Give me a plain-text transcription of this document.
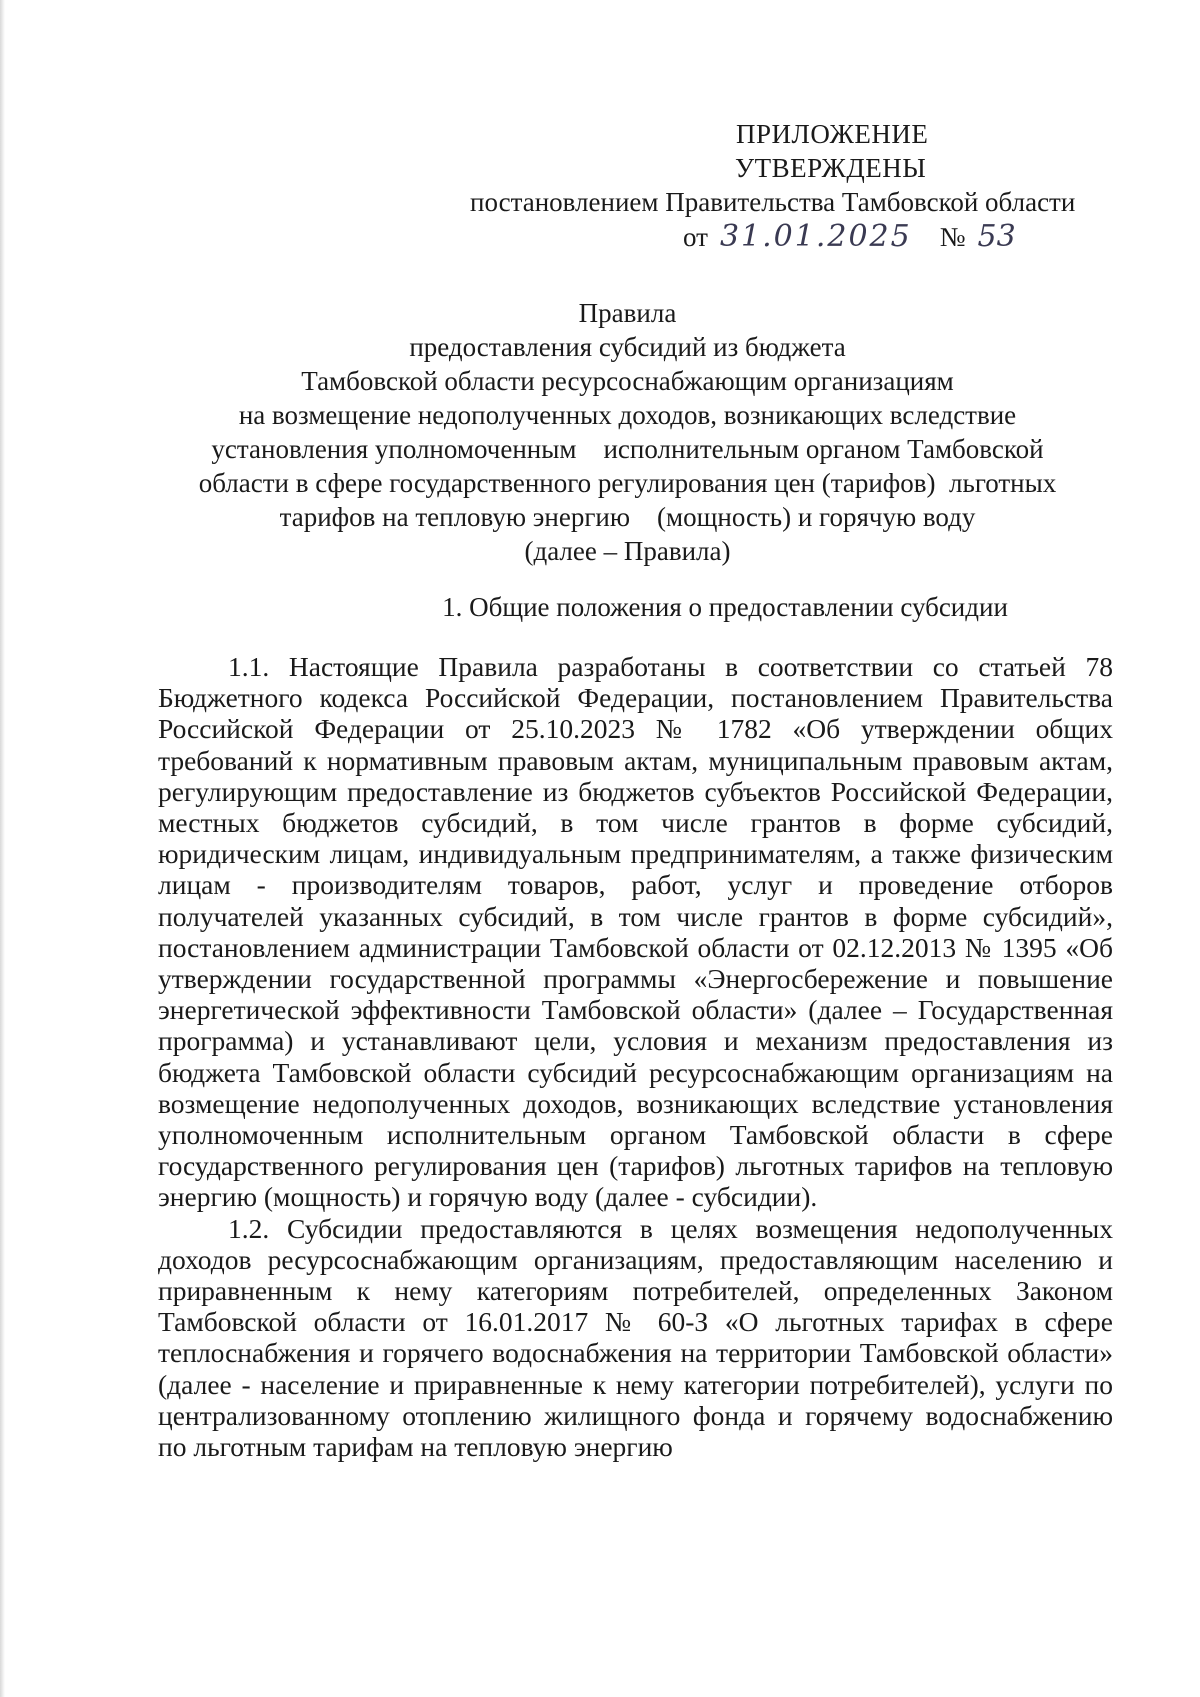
ПРИЛОЖЕНИЕ
УТВЕРЖДЕНЫ
постановлением Правительства Тамбовской области
от 31.01.2025 № 53
Правила
предоставления субсидий из бюджета
Тамбовской области ресурсоснабжающим организациям
на возмещение недополученных доходов, возникающих вследствие
установления уполномоченным    исполнительным органом Тамбовской
области в сфере государственного регулирования цен (тарифов)  льготных
тарифов на тепловую энергию    (мощность) и горячую воду
(далее – Правила)
1. Общие положения о предоставлении субсидии

1.1. Настоящие Правила разработаны в соответствии со статьей 78 Бюджетного кодекса Российской Федерации, постановлением Правительства Российской Федерации от 25.10.2023 № 1782 «Об утверждении общих требований к нормативным правовым актам, муниципальным правовым актам, регулирующим предоставление из бюджетов субъектов Российской Федерации, местных бюджетов субсидий, в том числе грантов в форме субсидий, юридическим лицам, индивидуальным предпринимателям, а также физическим лицам - производителям товаров, работ, услуг и проведение отборов получателей указанных субсидий, в том числе грантов в форме субсидий», постановлением администрации Тамбовской области от 02.12.2013 № 1395 «Об утверждении государственной программы «Энергосбережение и повышение энергетической эффективности Тамбовской области» (далее – Государственная программа) и устанавливают цели, условия и механизм предоставления из бюджета Тамбовской области субсидий ресурсоснабжающим организациям на возмещение недополученных доходов, возникающих вследствие установления уполномоченным исполнительным органом Тамбовской области в сфере государственного регулирования цен (тарифов) льготных тарифов на тепловую энергию (мощность) и горячую воду (далее - субсидии).

1.2. Субсидии предоставляются в целях возмещения недополученных доходов ресурсоснабжающим организациям, предоставляющим населению и приравненным к нему категориям потребителей, определенных Законом Тамбовской области от 16.01.2017 № 60-З «О льготных тарифах в сфере теплоснабжения и горячего водоснабжения на территории Тамбовской области» (далее - население и приравненные к нему категории потребителей), услуги по централизованному отоплению жилищного фонда и горячему водоснабжению по льготным тарифам на тепловую энергию
